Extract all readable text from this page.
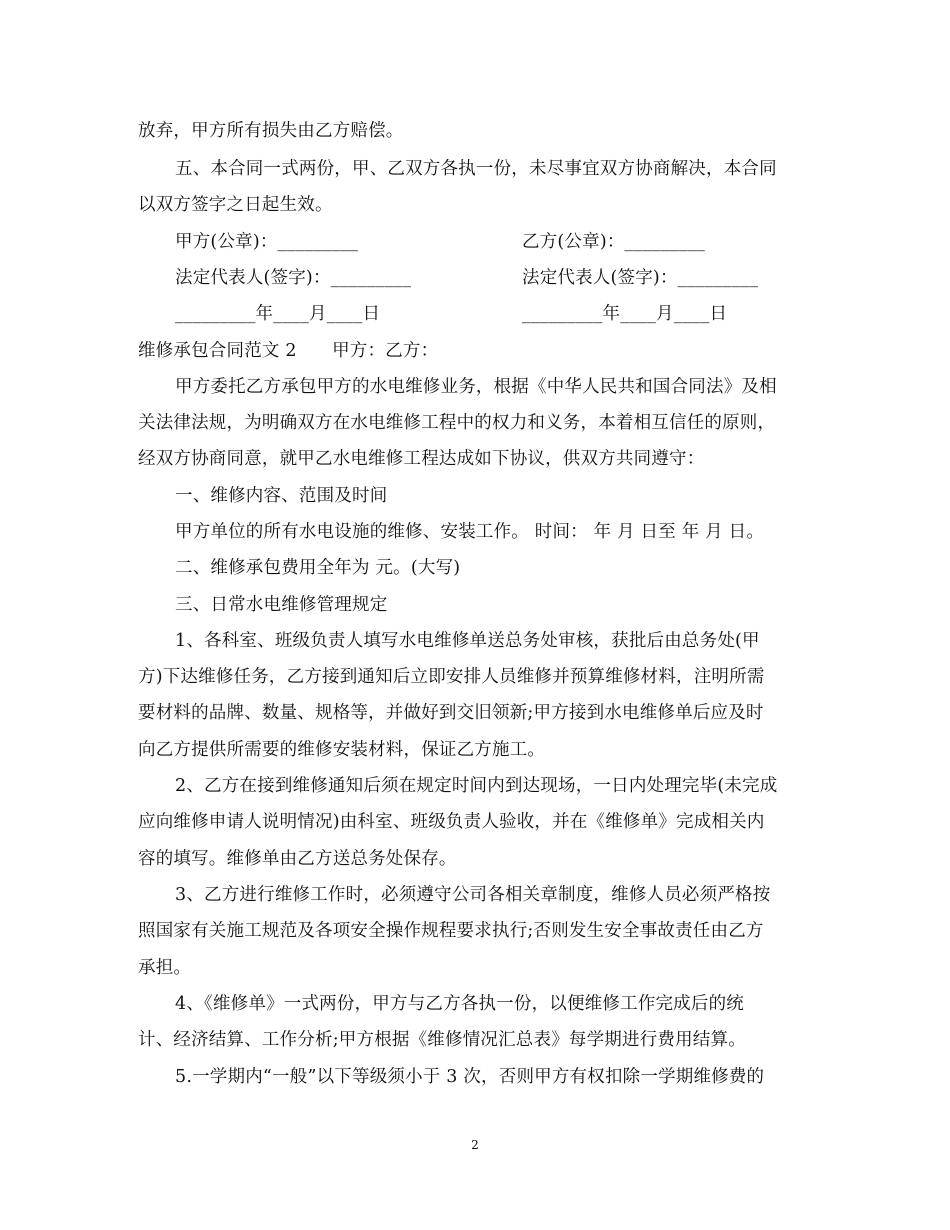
放弃，甲方所有损失由乙方赔偿。
五、本合同一式两份，甲、乙双方各执一份，未尽事宜双方协商解决，本合同
以双方签字之日起生效。
甲方(公章)：_________	乙方(公章)：_________
法定代表人(签字)：_________	法定代表人(签字)：_________
_________年____月____日	_________年____月____日
维修承包合同范文 2　　甲方：乙方：
甲方委托乙方承包甲方的水电维修业务，根据《中华人民共和国合同法》及相
关法律法规，为明确双方在水电维修工程中的权力和义务，本着相互信任的原则，
经双方协商同意，就甲乙水电维修工程达成如下协议，供双方共同遵守：
一、维修内容、范围及时间
甲方单位的所有水电设施的维修、安装工作。 时间： 年 月 日至 年 月 日。
二、维修承包费用全年为 元。(大写)
三、日常水电维修管理规定
1、各科室、班级负责人填写水电维修单送总务处审核，获批后由总务处(甲
方)下达维修任务，乙方接到通知后立即安排人员维修并预算维修材料，注明所需
要材料的品牌、数量、规格等，并做好到交旧领新;甲方接到水电维修单后应及时
向乙方提供所需要的维修安装材料，保证乙方施工。
2、乙方在接到维修通知后须在规定时间内到达现场，一日内处理完毕(未完成
应向维修申请人说明情况)由科室、班级负责人验收，并在《维修单》完成相关内
容的填写。维修单由乙方送总务处保存。
3、乙方进行维修工作时，必须遵守公司各相关章制度，维修人员必须严格按
照国家有关施工规范及各项安全操作规程要求执行;否则发生安全事故责任由乙方
承担。
4、《维修单》一式两份，甲方与乙方各执一份，以便维修工作完成后的统
计、经济结算、工作分析;甲方根据《维修情况汇总表》每学期进行费用结算。
5.一学期内“一般”以下等级须小于 3 次，否则甲方有权扣除一学期维修费的
2
